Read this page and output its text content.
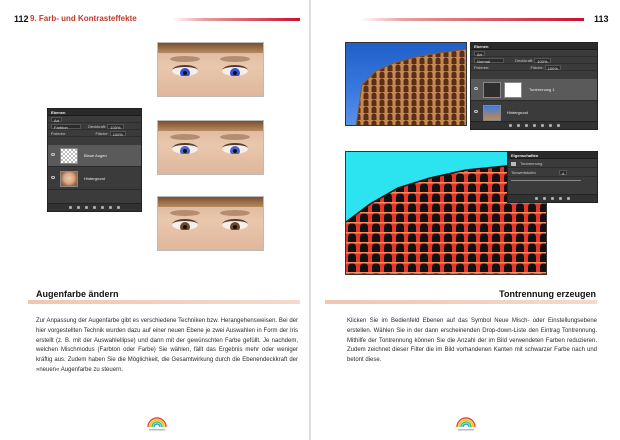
112 9. Farb- und Kontrasteffekte
Ebenen
Art
Farbton	Deckkraft: 100%
Fixieren:	Fläche: 100%
Blaue Augen
Hintergrund
Augenfarbe ändern

Zur Anpassung der Augenfarbe gibt es verschiedene Techniken bzw. Herangehensweisen. Bei der hier vorgestellten Technik wurden dazu auf einer neuen Ebene je zwei Auswahlen in Form der Iris erstellt (z. B. mit der Auswahlellipse) und dann mit der gewünschten Farbe gefüllt. Je nachdem, welchen Mischmodus (Farbton oder Farbe) Sie wählen, fällt das Ergebnis mehr oder weniger kräftig aus. Zudem haben Sie die Möglichkeit, die Gesamtwirkung durch die Ebenendeckkraft der »neuen« Augenfarbe zu steuern.

113
Ebenen
Art
Normal	Deckkraft: 100%
Fixieren:	Fläche: 100%
Tontrennung 1
Hintergrund
Eigenschaften
Tontrennung
Tonwertstufen	4
Tontrennung erzeugen

Klicken Sie im Bedienfeld Ebenen auf das Symbol Neue Misch- oder Einstellungsebene erstellen. Wählen Sie in der dann erscheinenden Drop-down-Liste den Eintrag Tontrennung. Mithilfe der Tontrennung können Sie die Anzahl der im Bild verwendeten Farben reduzieren. Zudem zeichnet dieser Filter die im Bild vorhandenen Kanten mit schwarzer Farbe nach und betont diese.
